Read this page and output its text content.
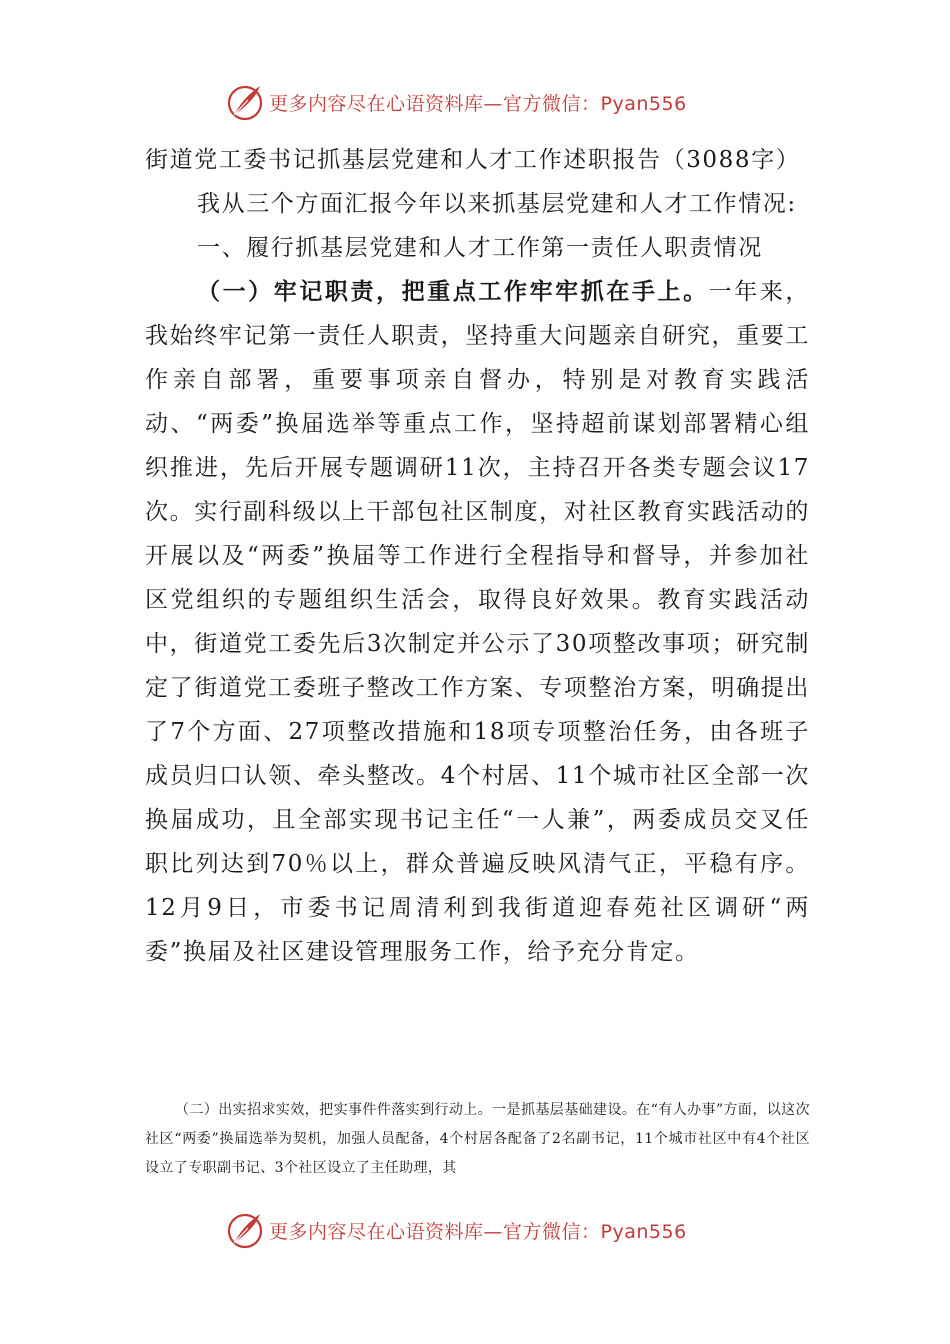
更多内容尽在心语资料库—官方微信：Pyan556

街道党工委书记抓基层党建和人才工作述职报告（3088字）

我从三个方面汇报今年以来抓基层党建和人才工作情况:

一、履行抓基层党建和人才工作第一责任人职责情况

（一）牢记职责，把重点工作牢牢抓在手上。一年来，我始终牢记第一责任人职责，坚持重大问题亲自研究，重要工作亲自部署，重要事项亲自督办，特别是对教育实践活动、“两委”换届选举等重点工作，坚持超前谋划部署精心组织推进，先后开展专题调研11次，主持召开各类专题会议17次。实行副科级以上干部包社区制度，对社区教育实践活动的开展以及“两委”换届等工作进行全程指导和督导，并参加社区党组织的专题组织生活会，取得良好效果。教育实践活动中，街道党工委先后3次制定并公示了30项整改事项；研究制定了街道党工委班子整改工作方案、专项整治方案，明确提出了7个方面、27项整改措施和18项专项整治任务，由各班子成员归口认领、牵头整改。4个村居、11个城市社区全部一次换届成功，且全部实现书记主任“一人兼”，两委成员交叉任职比列达到70％以上，群众普遍反映风清气正，平稳有序。12月9日，市委书记周清利到我街道迎春苑社区调研“两委”换届及社区建设管理服务工作，给予充分肯定。

（二）出实招求实效，把实事件件落实到行动上。一是抓基层基础建设。在“有人办事”方面，以这次社区“两委”换届选举为契机，加强人员配备，4个村居各配备了2名副书记，11个城市社区中有4个社区设立了专职副书记、3个社区设立了主任助理，其

更多内容尽在心语资料库—官方微信：Pyan556
